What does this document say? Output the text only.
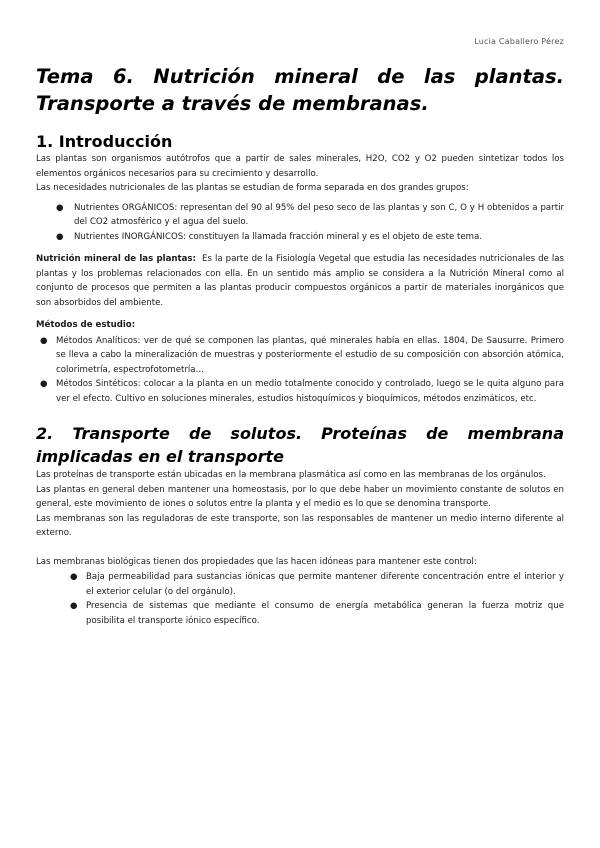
Lucia Caballero Pérez
Tema 6. Nutrición mineral de las plantas. Transporte a través de membranas.
1. Introducción

Las plantas son organismos autótrofos que a partir de sales minerales, H2O, CO2 y O2 pueden sintetizar todos los elementos orgánicos necesarios para su crecimiento y desarrollo.

Las necesidades nutricionales de las plantas se estudian de forma separada en dos grandes grupos:

● Nutrientes ORGÁNICOS: representan del 90 al 95% del peso seco de las plantas y son C, O y H obtenidos a partir del CO2 atmosférico y el agua del suelo.
● Nutrientes INORGÁNICOS: constituyen la llamada fracción mineral y es el objeto de este tema.

Nutrición mineral de las plantas: Es la parte de la Fisiología Vegetal que estudia las necesidades nutricionales de las plantas y los problemas relacionados con ella. En un sentido más amplio se considera a la Nutrición Mineral como al conjunto de procesos que permiten a las plantas producir compuestos orgánicos a partir de materiales inorgánicos que son absorbidos del ambiente.

Métodos de estudio:

● Métodos Analíticos: ver de qué se componen las plantas, qué minerales había en ellas. 1804, De Sausurre. Primero se lleva a cabo la mineralización de muestras y posteriormente el estudio de su composición con absorción atómica, colorimetría, espectrofotometría…
● Métodos Sintéticos: colocar a la planta en un medio totalmente conocido y controlado, luego se le quita alguno para ver el efecto. Cultivo en soluciones minerales, estudios histoquímicos y bioquímicos, métodos enzimáticos, etc.
2. Transporte de solutos. Proteínas de membrana implicadas en el transporte

Las proteínas de transporte están ubicadas en la membrana plasmática así como en las membranas de los orgánulos.

Las plantas en general deben mantener una homeostasis, por lo que debe haber un movimiento constante de solutos en general, este movimiento de iones o solutos entre la planta y el medio es lo que se denomina transporte.

Las membranas son las reguladoras de este transporte, son las responsables de mantener un medio interno diferente al externo.

Las membranas biológicas tienen dos propiedades que las hacen idóneas para mantener este control:

● Baja permeabilidad para sustancias iónicas que permite mantener diferente concentración entre el interior y el exterior celular (o del orgánulo).
● Presencia de sistemas que mediante el consumo de energía metabólica generan la fuerza motriz que posibilita el transporte iónico específico.
